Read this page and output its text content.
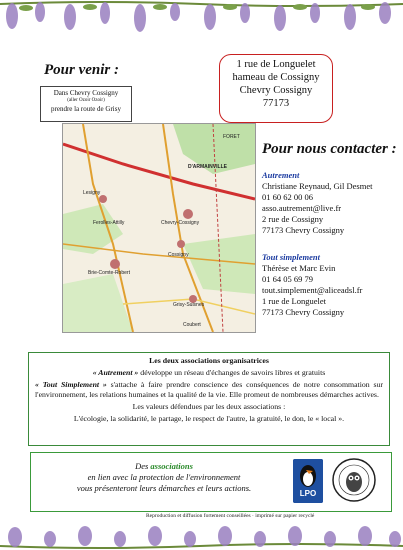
Pour venir :	1 rue de Longuelet
hameau de Cossigny
Chevry Cossigny
77173
Dans Chevry Cossigny
(aller Ozoir Ozoir)
prendre la route de Grisy
FORET
D'ARMAINVILLE
Chevry-Cossigny
Cossigny
Brie-Comte-Robert
Grisy-Suisnes
Coubert
Ferolles-Attilly
Lesigny
Pour nous contacter :
Autrement
Christiane Reynaud, Gil Desmet
01 60 62 00 06
asso.autrement@live.fr
2 rue de Cossigny
77173 Chevry Cossigny
Tout simplement
Thérèse et Marc Evin
01 64 05 69 79
tout.simplement@aliceadsl.fr
1 rue de Longuelet
77173 Chevry Cossigny
Les deux associations organisatrices

« Autrement » développe un réseau d'échanges de savoirs libres et gratuits

« Tout Simplement » s'attache à faire prendre conscience des conséquences de notre consommation sur l'environnement, les relations humaines et la qualité de la vie. Elle promeut de nombreuses démarches actives.

Les valeurs défendues par les deux associations :

L'écologie, la solidarité, le partage, le respect de l'autre, la gratuité, le don, le « local ».

Des associations
en lien avec la protection de l'environnement
vous présenteront leurs démarches et leurs actions.
LPO
Reproduction et diffusion fortement conseillées · imprimé sur papier recyclé
